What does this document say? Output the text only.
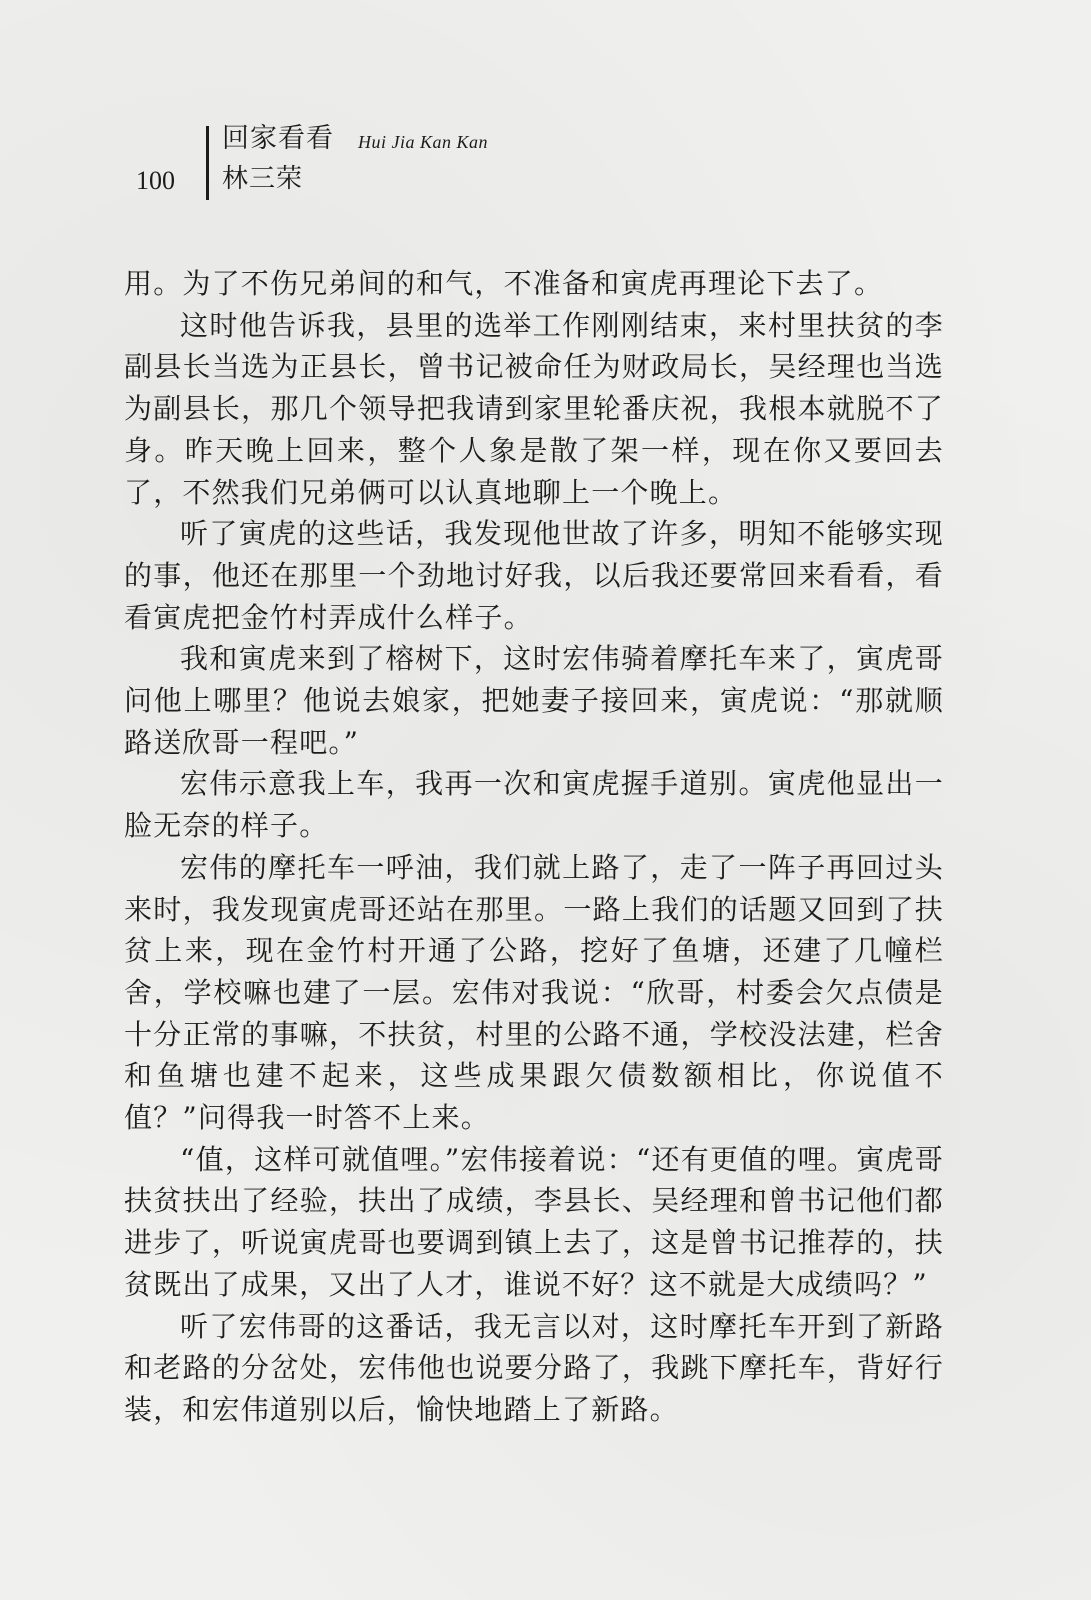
100
回家看看 Hui Jia Kan Kan
林三荣

用。为了不伤兄弟间的和气，不准备和寅虎再理论下去了。

这时他告诉我，县里的选举工作刚刚结束，来村里扶贫的李副县长当选为正县长，曾书记被命任为财政局长，吴经理也当选为副县长，那几个领导把我请到家里轮番庆祝，我根本就脱不了身。昨天晚上回来，整个人象是散了架一样，现在你又要回去了，不然我们兄弟俩可以认真地聊上一个晚上。

听了寅虎的这些话，我发现他世故了许多，明知不能够实现的事，他还在那里一个劲地讨好我，以后我还要常回来看看，看看寅虎把金竹村弄成什么样子。

我和寅虎来到了榕树下，这时宏伟骑着摩托车来了，寅虎哥问他上哪里？他说去娘家，把她妻子接回来，寅虎说：“那就顺路送欣哥一程吧。”

宏伟示意我上车，我再一次和寅虎握手道别。寅虎他显出一脸无奈的样子。

宏伟的摩托车一呼油，我们就上路了，走了一阵子再回过头来时，我发现寅虎哥还站在那里。一路上我们的话题又回到了扶贫上来，现在金竹村开通了公路，挖好了鱼塘，还建了几幢栏舍，学校嘛也建了一层。宏伟对我说：“欣哥，村委会欠点债是十分正常的事嘛，不扶贫，村里的公路不通，学校没法建，栏舍和鱼塘也建不起来，这些成果跟欠债数额相比，你说值不值？”问得我一时答不上来。

“值，这样可就值哩。”宏伟接着说：“还有更值的哩。寅虎哥扶贫扶出了经验，扶出了成绩，李县长、吴经理和曾书记他们都进步了，听说寅虎哥也要调到镇上去了，这是曾书记推荐的，扶贫既出了成果，又出了人才，谁说不好？这不就是大成绩吗？”

听了宏伟哥的这番话，我无言以对，这时摩托车开到了新路和老路的分岔处，宏伟他也说要分路了，我跳下摩托车，背好行装，和宏伟道别以后，愉快地踏上了新路。
